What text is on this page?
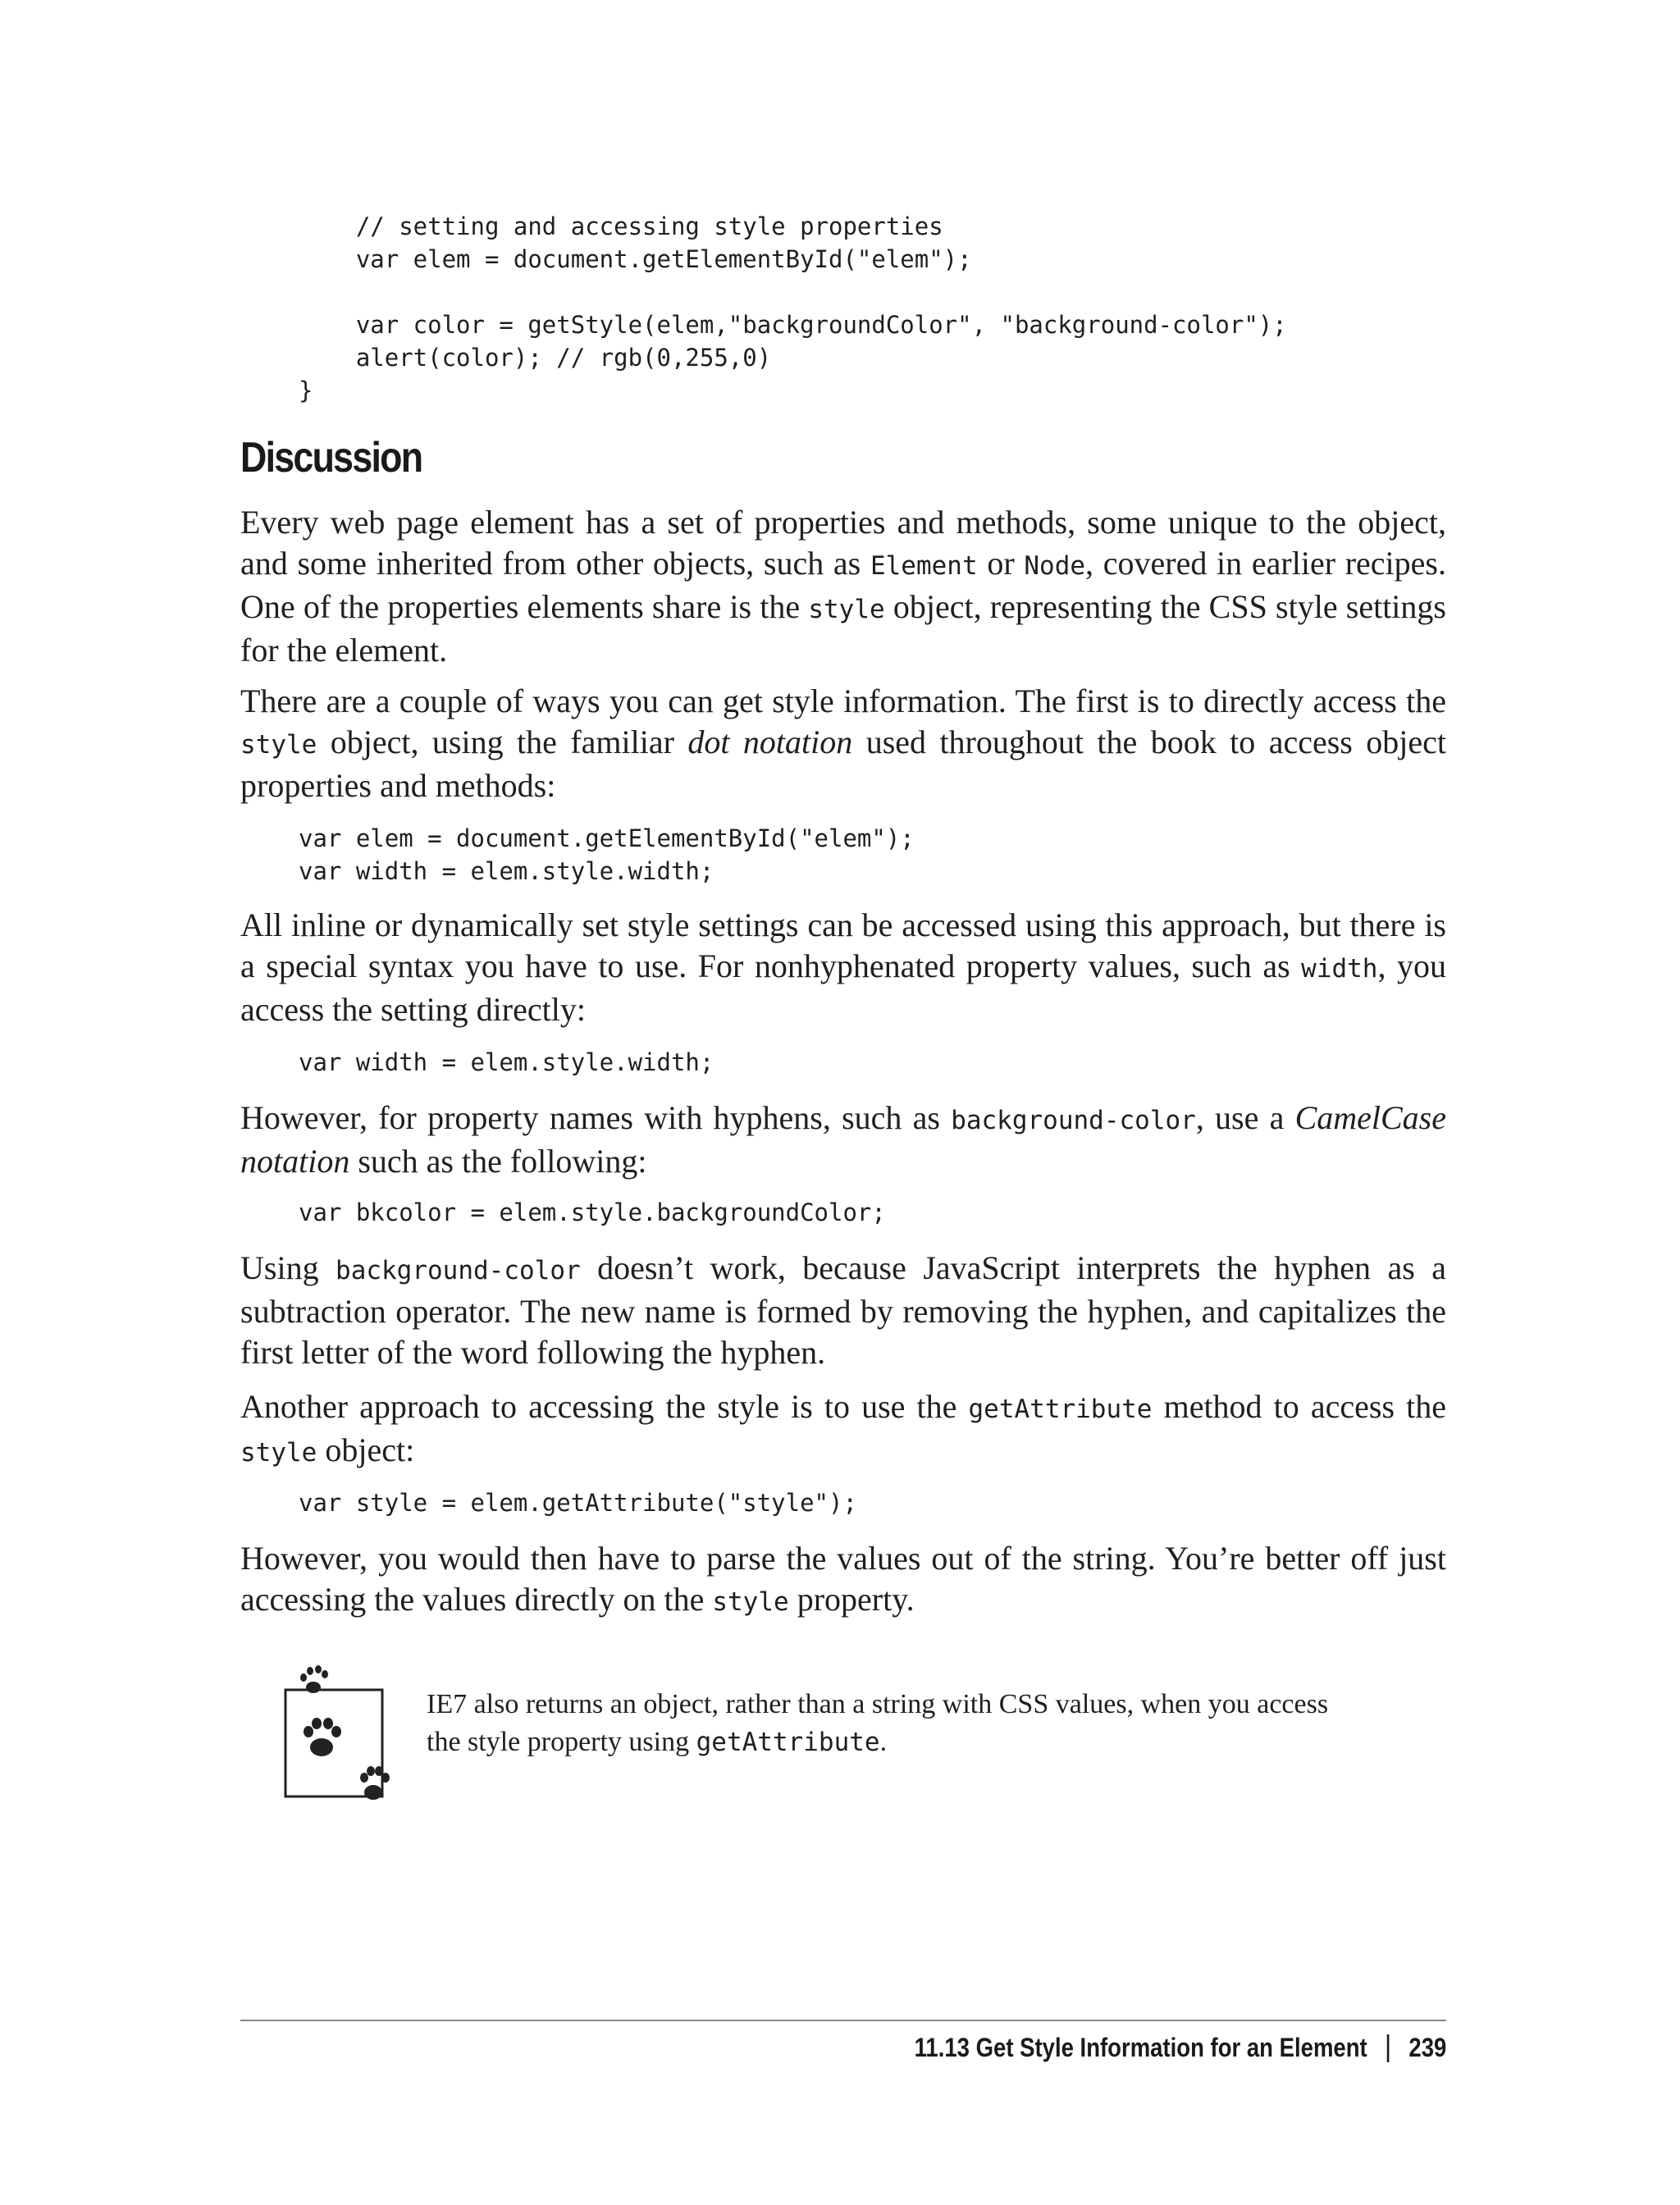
// setting and accessing style properties
var elem = document.getElementById("elem");

var color = getStyle(elem,"backgroundColor", "background-color");
alert(color); // rgb(0,255,0)
}
Discussion

Every web page element has a set of properties and methods, some unique to the object, and some inherited from other objects, such as Element or Node, covered in earlier recipes. One of the properties elements share is the style object, representing the CSS style settings for the element.

There are a couple of ways you can get style information. The first is to directly access the style object, using the familiar dot notation used throughout the book to access object properties and methods:

var elem = document.getElementById("elem");
var width = elem.style.width;

All inline or dynamically set style settings can be accessed using this approach, but there is a special syntax you have to use. For nonhyphenated property values, such as width, you access the setting directly:

var width = elem.style.width;

However, for property names with hyphens, such as background-color, use a CamelCase notation such as the following:

var bkcolor = elem.style.backgroundColor;

Using background-color doesn’t work, because JavaScript interprets the hyphen as a subtraction operator. The new name is formed by removing the hyphen, and capitalizes the first letter of the word following the hyphen.

Another approach to accessing the style is to use the getAttribute method to access the style object:

var style = elem.getAttribute("style");

However, you would then have to parse the values out of the string. You’re better off just accessing the values directly on the style property.

IE7 also returns an object, rather than a string with CSS values, when you access the style property using getAttribute.

11.13 Get Style Information for an Element 239
